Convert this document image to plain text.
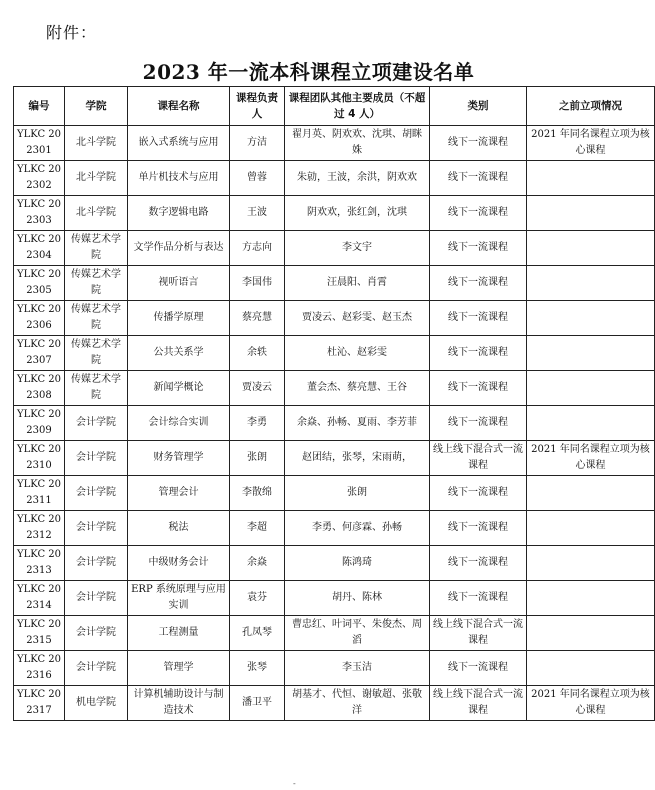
附件：
2023 年一流本科课程立项建设名单
编号	学院	课程名称	课程负责人	课程团队其他主要成员（不超过 4 人）	类别	之前立项情况
YLKC 202301	北斗学院	嵌入式系统与应用	方洁	翟月英、阴欢欢、沈琪、胡眯姝	线下一流课程	2021 年同名课程立项为核心课程
YLKC 202302	北斗学院	单片机技术与应用	曾蓉	朱勍，王波，余洪，阴欢欢	线下一流课程	
YLKC 202303	北斗学院	数字逻辑电路	王波	阴欢欢，张红剑，沈琪	线下一流课程	
YLKC 202304	传媒艺术学院	文学作品分析与表达	方志向	李文宇	线下一流课程	
YLKC 202305	传媒艺术学院	视听语言	李国伟	汪晨阳、肖霄	线下一流课程	
YLKC 202306	传媒艺术学院	传播学原理	蔡亮慧	贾凌云、赵彩雯、赵玉杰	线下一流课程	
YLKC 202307	传媒艺术学院	公共关系学	余轶	杜沁、赵彩雯	线下一流课程	
YLKC 202308	传媒艺术学院	新闻学概论	贾凌云	董会杰、蔡亮慧、王谷	线下一流课程	
YLKC 202309	会计学院	会计综合实训	李勇	余焱、孙畅、夏雨、李芳菲	线下一流课程	
YLKC 202310	会计学院	财务管理学	张朗	赵团结，张琴，宋雨萌，	线上线下混合式一流课程	2021 年同名课程立项为核心课程
YLKC 202311	会计学院	管理会计	李散绵	张朗	线下一流课程	
YLKC 202312	会计学院	税法	李超	李勇、何彦霖、孙畅	线下一流课程	
YLKC 202313	会计学院	中级财务会计	余焱	陈鸿琦	线下一流课程	
YLKC 202314	会计学院	ERP 系统原理与应用实训	袁芬	胡丹、陈林	线下一流课程	
YLKC 202315	会计学院	工程测量	孔凤琴	曹忠红、叶词平、朱俊杰、周滔	线上线下混合式一流课程	
YLKC 202316	会计学院	管理学	张琴	李玉洁	线下一流课程	
YLKC 202317	机电学院	计算机辅助设计与制造技术	潘卫平	胡基才、代恒、谢敏超、张敬洋	线上线下混合式一流课程	2021 年同名课程立项为核心课程
-
